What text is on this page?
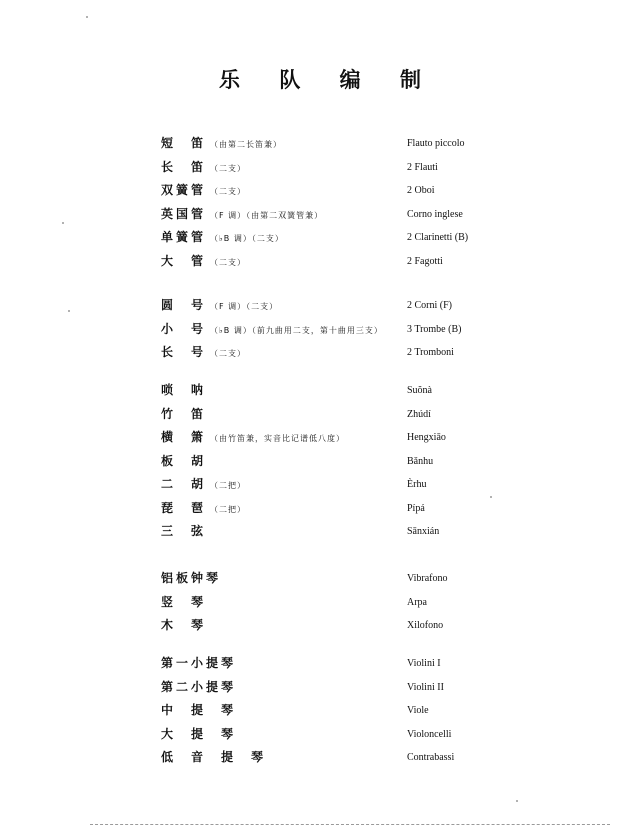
乐 队 编 制
短　笛 （由第二长笛兼）	Flauto piccolo
长　笛 （二支）	2 Flauti
双簧管 （二支）	2 Oboi
英国管 （F 调）（由第二双簧管兼）	Corno inglese
单簧管 （♭B 调）（二支）	2 Clarinetti (B)
大　管 （二支）	2 Fagotti
圆　号 （F 调）（二支）	2 Corni (F)
小　号 （♭B 调）（前九曲用二支，第十曲用三支） 3 Trombe (B)
长　号 （二支）	2 Tromboni
唢　呐	Suŏnà
竹　笛	Zhúdí
横　箫 （由竹笛兼，实音比记谱低八度）	Hengxiāo
板　胡	Bǎnhu
二　胡 （二把）	Èrhu
琵　琶 （二把）	Pípá
三　弦	Sānxián
铝板钟琴	Vibrafono
竖　琴	Arpa
木　琴	Xilofono
第一小提琴	Violini I
第二小提琴	Violini II
中　提　琴	Viole
大　提　琴	Violoncelli
低　音　提　琴	Contrabassi
